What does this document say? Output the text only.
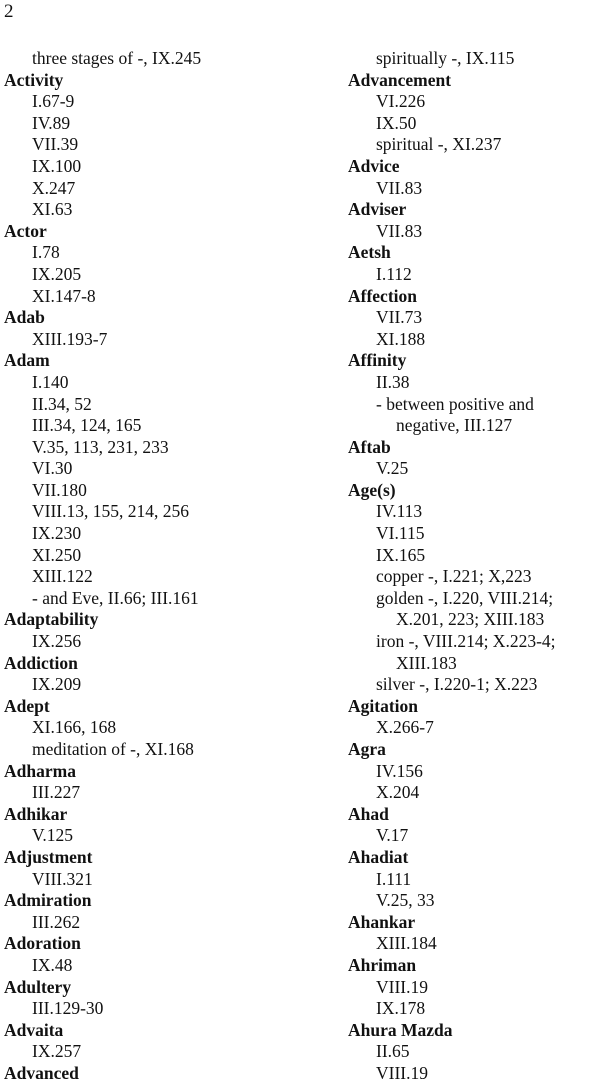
2
three stages of -, IX.245
Activity
I.67-9
IV.89
VII.39
IX.100
X.247
XI.63
Actor
I.78
IX.205
XI.147-8
Adab
XIII.193-7
Adam
I.140
II.34, 52
III.34, 124, 165
V.35, 113, 231, 233
VI.30
VII.180
VIII.13, 155, 214, 256
IX.230
XI.250
XIII.122
- and Eve, II.66; III.161
Adaptability
IX.256
Addiction
IX.209
Adept
XI.166, 168
meditation of -, XI.168
Adharma
III.227
Adhikar
V.125
Adjustment
VIII.321
Admiration
III.262
Adoration
IX.48
Adultery
III.129-30
Advaita
IX.257
Advanced
spiritually -, IX.115
Advancement
VI.226
IX.50
spiritual -, XI.237
Advice
VII.83
Adviser
VII.83
Aetsh
I.112
Affection
VII.73
XI.188
Affinity
II.38
- between positive and
negative, III.127
Aftab
V.25
Age(s)
IV.113
VI.115
IX.165
copper -, I.221; X,223
golden -, I.220, VIII.214;
X.201, 223; XIII.183
iron -, VIII.214; X.223-4;
XIII.183
silver -, I.220-1; X.223
Agitation
X.266-7
Agra
IV.156
X.204
Ahad
V.17
Ahadiat
I.111
V.25, 33
Ahankar
XIII.184
Ahriman
VIII.19
IX.178
Ahura Mazda
II.65
VIII.19
